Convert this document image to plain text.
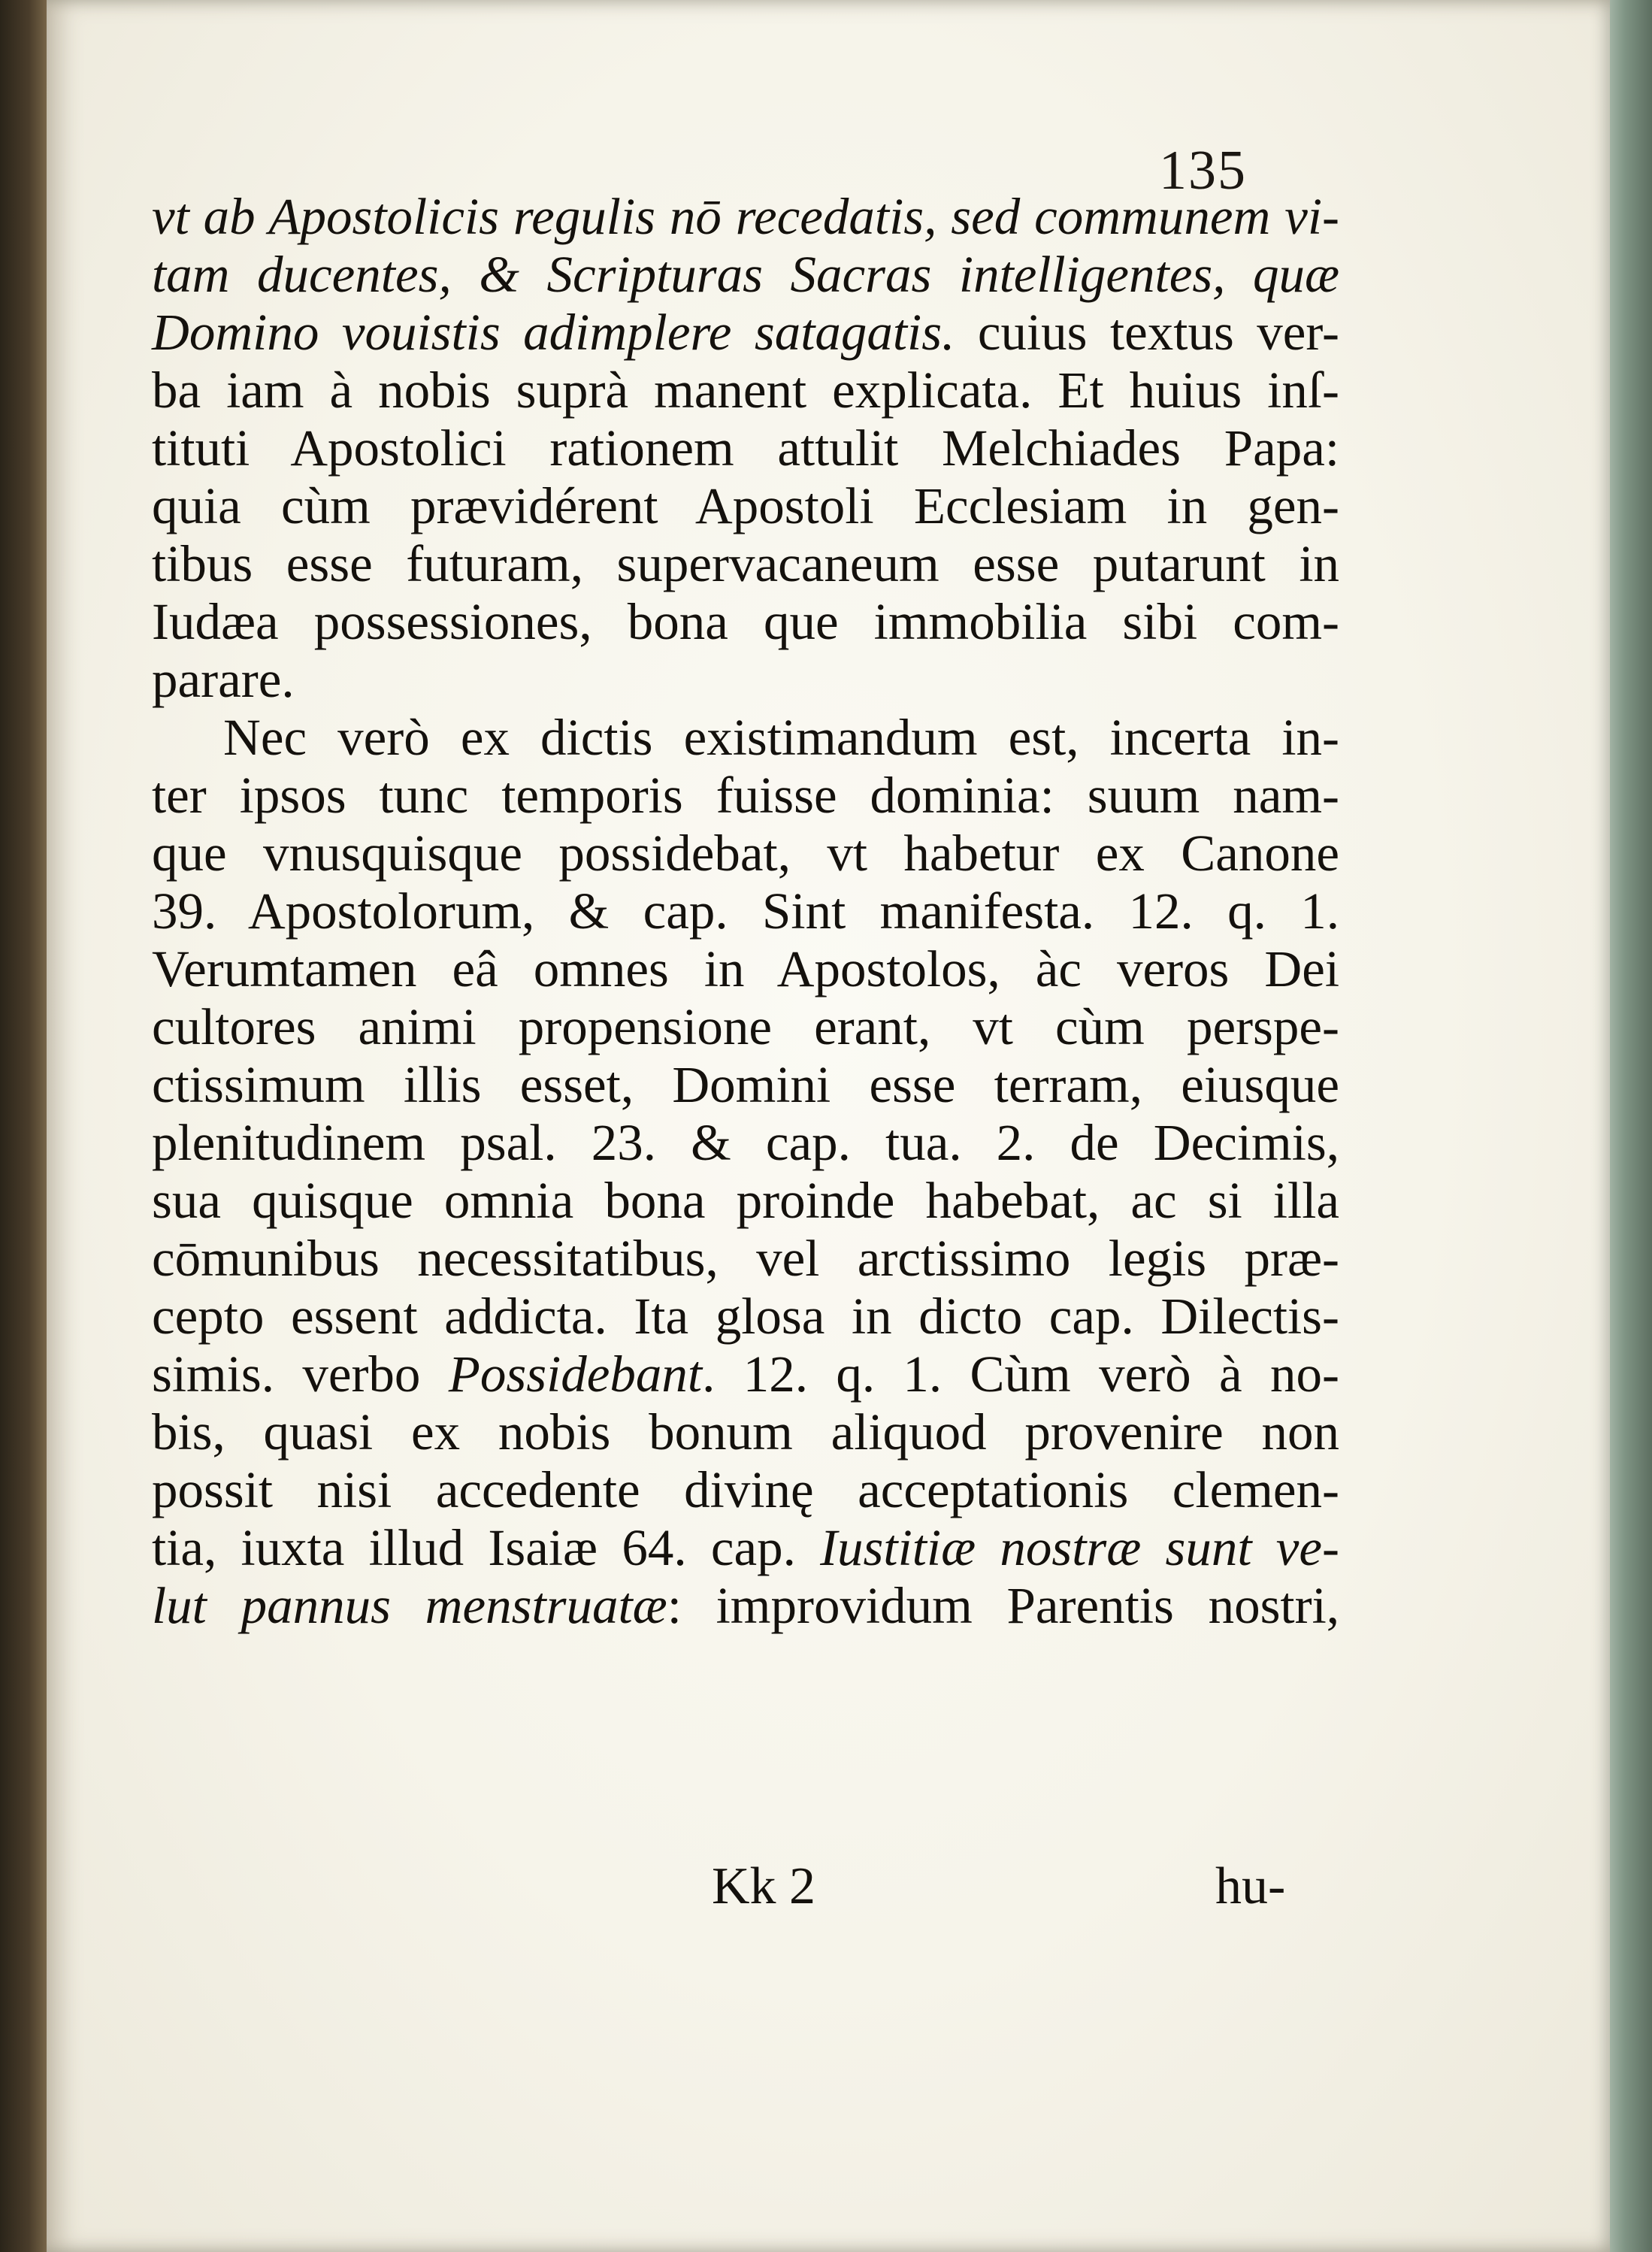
135
vt ab Apostolicis regulis nō recedatis, sed communem vi-
tam ducentes, & Scripturas Sacras intelligentes, quæ
Domino vouistis adimplere satagatis. cuius textus ver-
ba iam à nobis suprà manent explicata. Et huius inſ-
tituti Apostolici rationem attulit Melchiades Papa:
quia cùm prævidérent Apostoli Ecclesiam in gen-
tibus esse futuram, supervacaneum esse putarunt in
Iudæa possessiones, bona que immobilia sibi com-
parare.
Nec verò ex dictis existimandum est, incerta in-
ter ipsos tunc temporis fuisse dominia: suum nam-
que vnusquisque possidebat, vt habetur ex Canone
39. Apostolorum, & cap. Sint manifesta. 12. q. 1.
Verumtamen eâ omnes in Apostolos, àc veros Dei
cultores animi propensione erant, vt cùm perspe-
ctissimum illis esset, Domini esse terram, eiusque
plenitudinem psal. 23. & cap. tua. 2. de Decimis,
sua quisque omnia bona proinde habebat, ac si illa
cōmunibus necessitatibus, vel arctissimo legis præ-
cepto essent addicta. Ita glosa in dicto cap. Dilectis-
simis. verbo Possidebant. 12. q. 1. Cùm verò à no-
bis, quasi ex nobis bonum aliquod provenire non
possit nisi accedente divinę acceptationis clemen-
tia, iuxta illud Isaiæ 64. cap. Iustitiæ nostræ sunt ve-
lut pannus menstruatæ: improvidum Parentis nostri,
Kk 2	hu-
